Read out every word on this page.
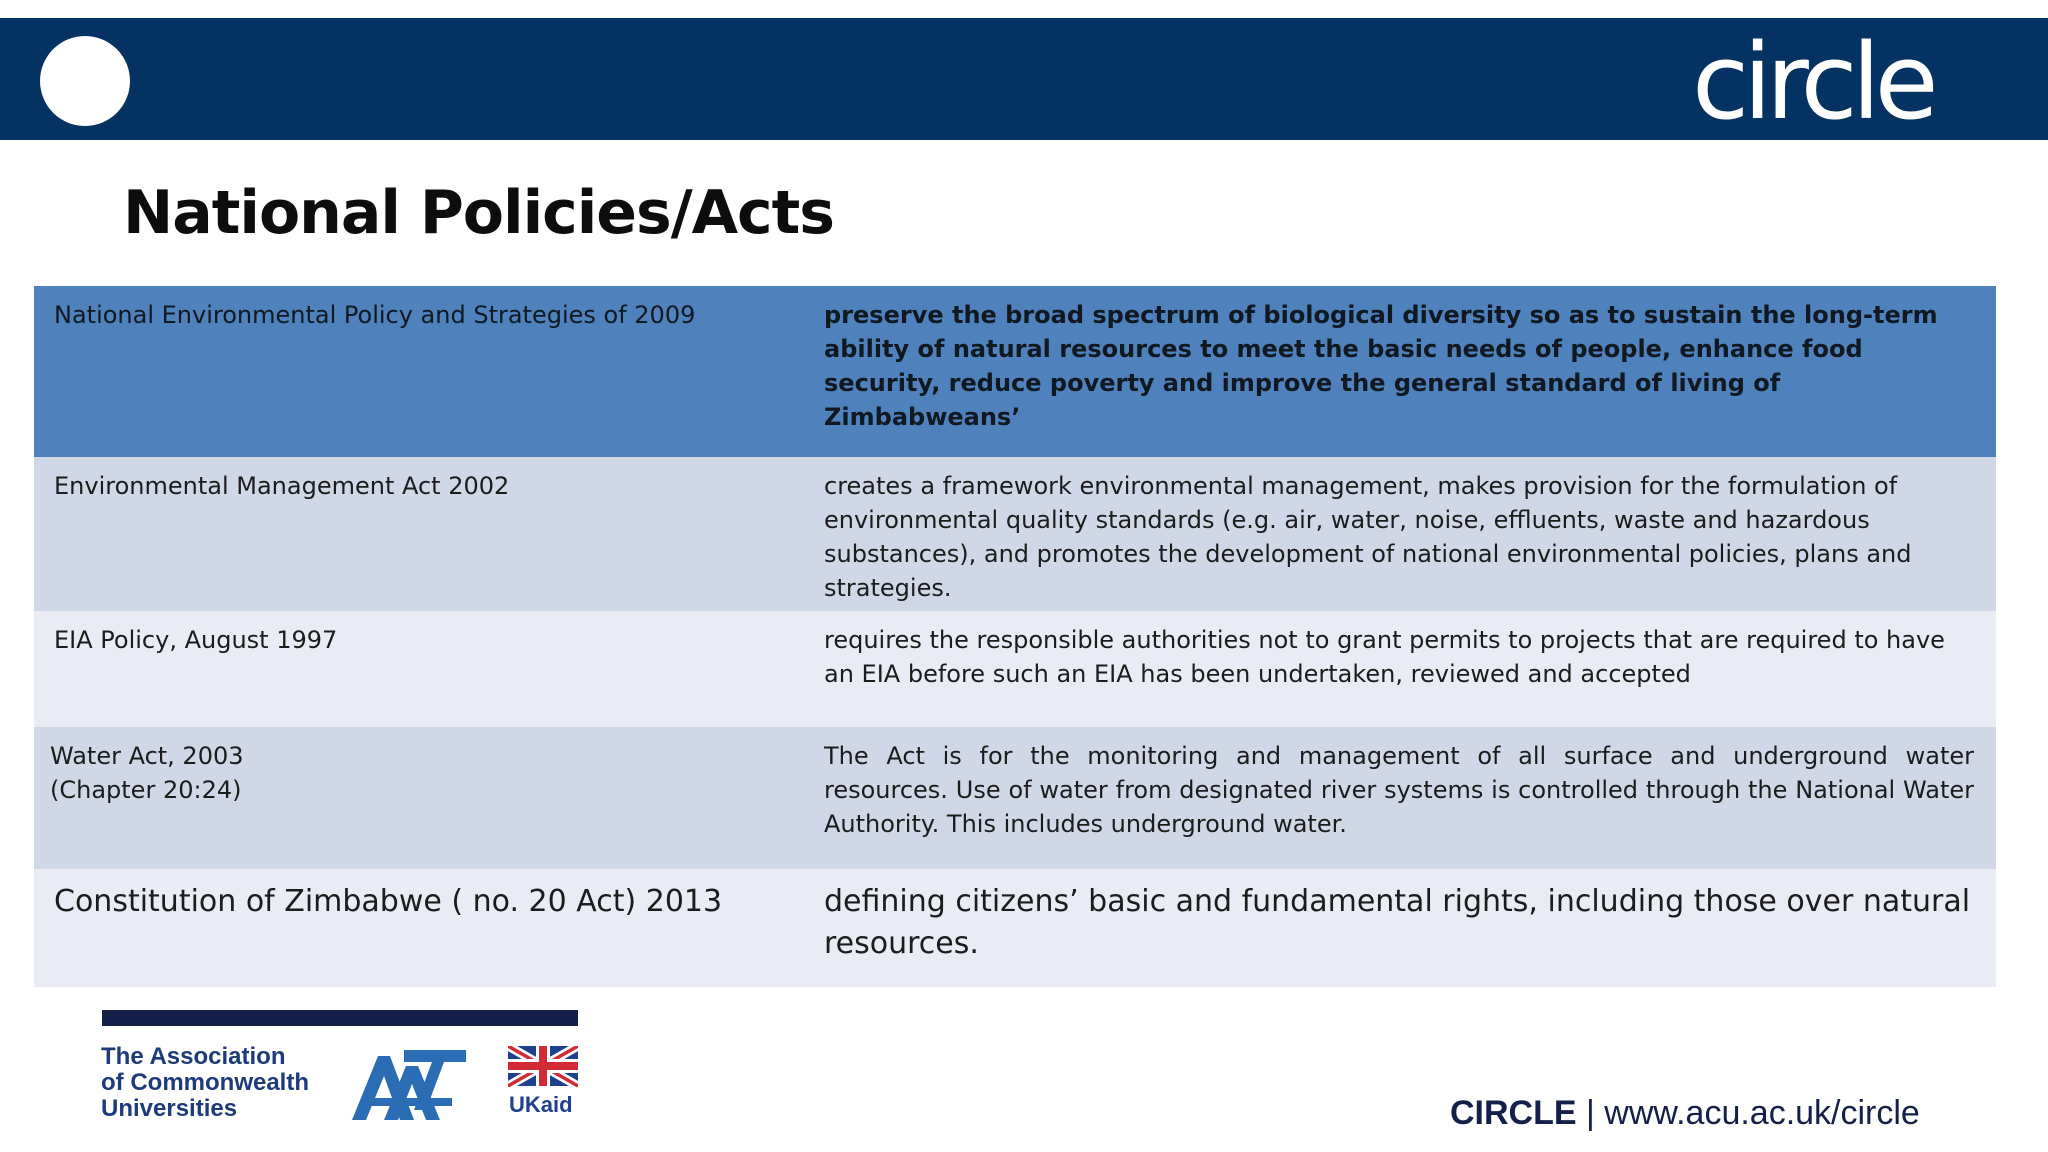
circle
National Policies/Acts
National Environmental Policy and Strategies of 2009	preserve the broad spectrum of biological diversity so as to sustain the long-term ability of natural resources to meet the basic needs of people, enhance food security, reduce poverty and improve the general standard of living of Zimbabweans’
Environmental Management Act 2002	creates a framework environmental management, makes provision for the formulation of environmental quality standards (e.g. air, water, noise, effluents, waste and hazardous substances), and promotes the development of national environmental policies, plans and strategies.
EIA Policy, August 1997	requires the responsible authorities not to grant permits to projects that are required to have an EIA before such an EIA has been undertaken, reviewed and accepted

Water Act, 2003
(Chapter 20:24)	The Act is for the monitoring and management of all surface and underground water resources. Use of water from designated river systems is controlled through the National Water Authority. This includes underground water.
Constitution of Zimbabwe ( no. 20 Act) 2013	defining citizens’ basic and fundamental rights, including those over natural resources.
The Association
of Commonwealth
Universities	UKaid	CIRCLE | www.acu.ac.uk/circle
